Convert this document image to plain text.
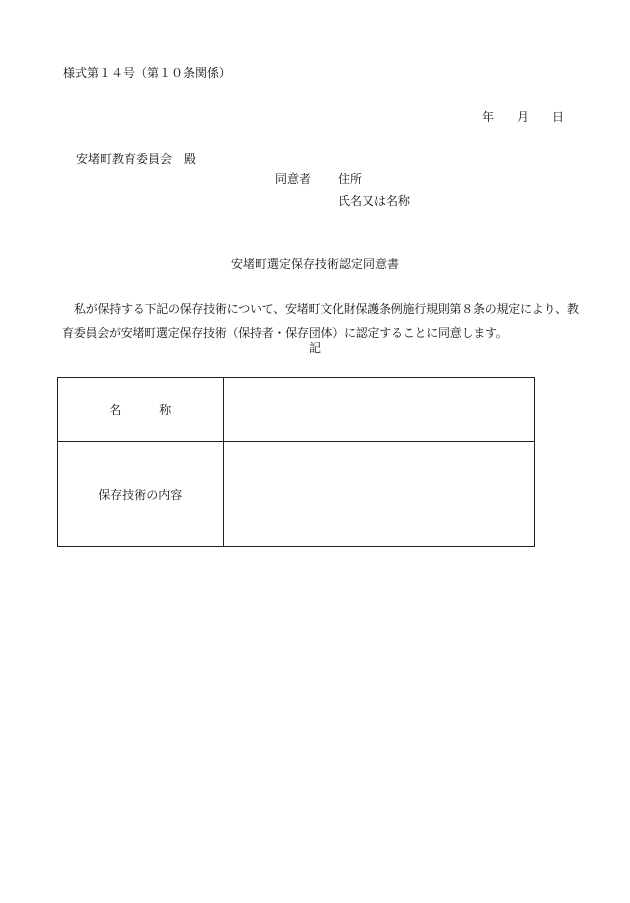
様式第１４号（第１０条関係）
年 月 日
安堵町教育委員会　殿
同意者 住所
氏名又は名称
安堵町選定保存技術認定同意書
私が保持する下記の保存技術について、安堵町文化財保護条例施行規則第８条の規定により、教育委員会が安堵町選定保存技術（保持者・保存団体）に認定することに同意します。
記
名称	
保存技術の内容	
